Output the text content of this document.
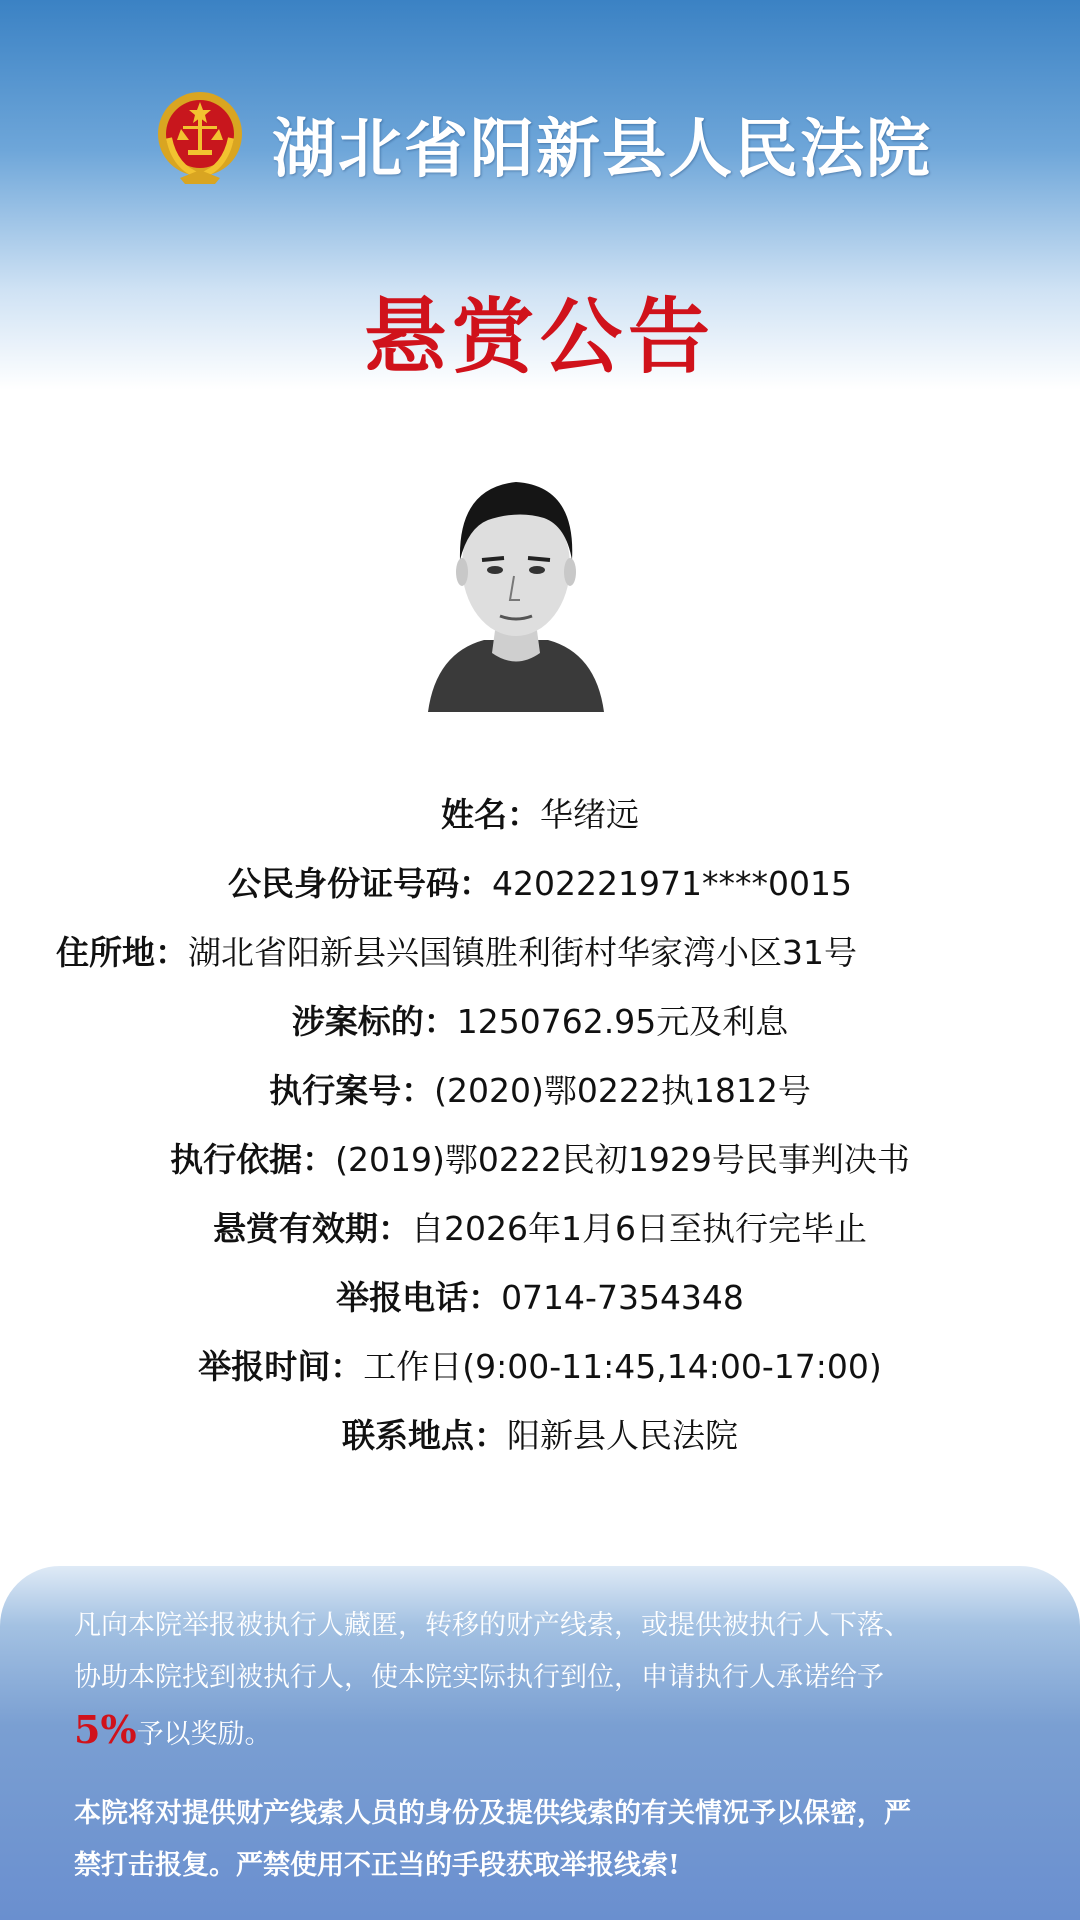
湖北省阳新县人民法院
悬赏公告
姓名：华绪远
公民身份证号码：4202221971****0015
住所地：湖北省阳新县兴国镇胜利街村华家湾小区31号
涉案标的：1250762.95元及利息
执行案号：(2020)鄂0222执1812号
执行依据：(2019)鄂0222民初1929号民事判决书
悬赏有效期：自2026年1月6日至执行完毕止
举报电话：0714-7354348
举报时间：工作日(9:00-11:45,14:00-17:00)
联系地点：阳新县人民法院
凡向本院举报被执行人藏匿，转移的财产线索，或提供被执行人下落、
协助本院找到被执行人，使本院实际执行到位，申请执行人承诺给予
5%予以奖励。
本院将对提供财产线索人员的身份及提供线索的有关情况予以保密，严
禁打击报复。严禁使用不正当的手段获取举报线索!
